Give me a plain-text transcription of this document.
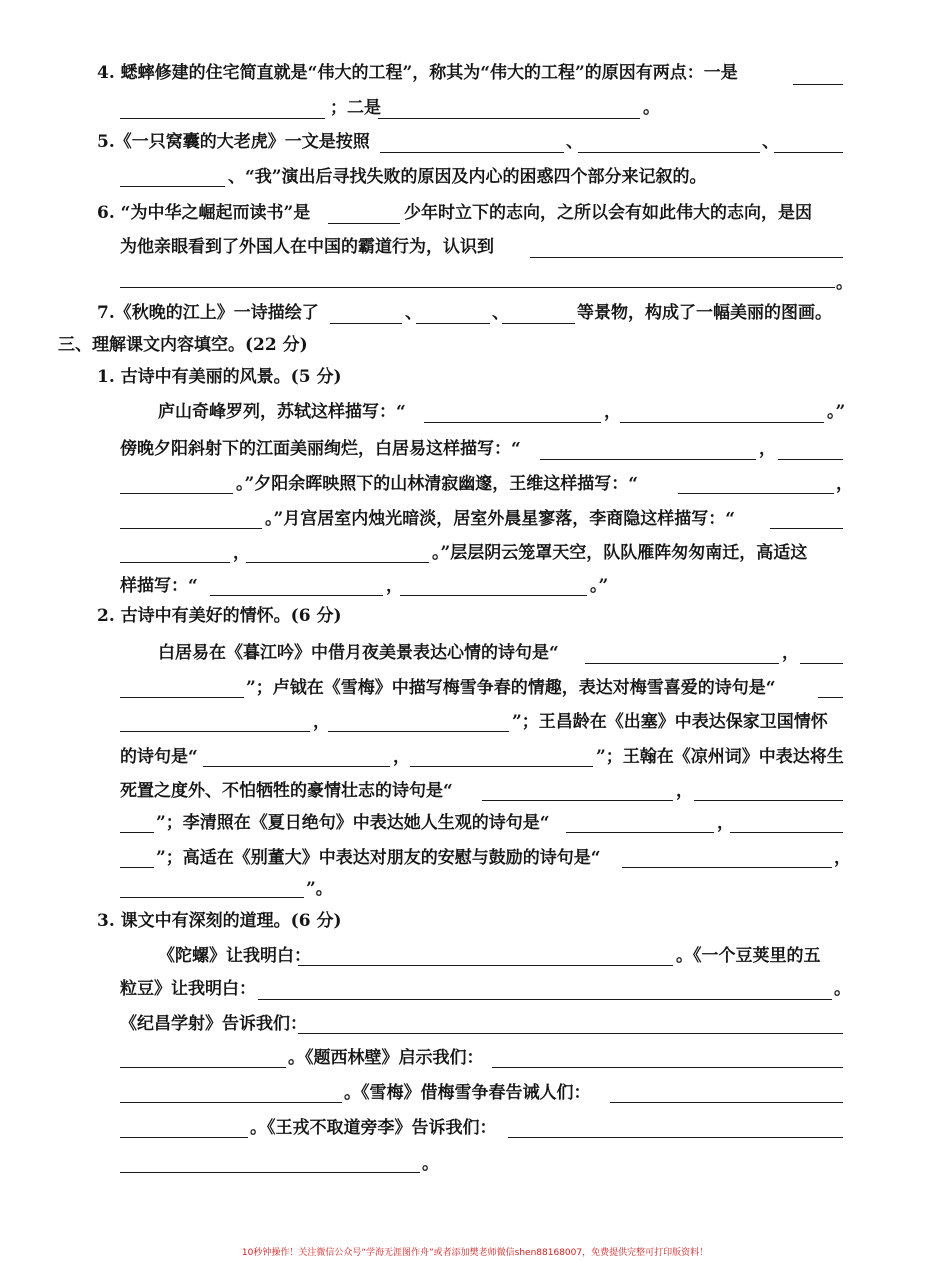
4. 蟋蟀修建的住宅简直就是“伟大的工程”，称其为“伟大的工程”的原因有两点：一是
；二是	。
5.《一只窝囊的大老虎》一文是按照	、	、
、“我”演出后寻找失败的原因及内心的困惑四个部分来记叙的。
6. “为中华之崛起而读书”是	少年时立下的志向，之所以会有如此伟大的志向，是因
为他亲眼看到了外国人在中国的霸道行为，认识到
。
7.《秋晚的江上》一诗描绘了	、	、	等景物，构成了一幅美丽的图画。
三、理解课文内容填空。(22 分)
1. 古诗中有美丽的风景。(5 分)
庐山奇峰罗列，苏轼这样描写：“	，	。”
傍晚夕阳斜射下的江面美丽绚烂，白居易这样描写：“	，
。”夕阳余晖映照下的山林清寂幽邃，王维这样描写：“	，
。”月宫居室内烛光暗淡，居室外晨星寥落，李商隐这样描写：“
，	。”层层阴云笼罩天空，队队雁阵匆匆南迁，高适这
样描写：“	，	。”
2. 古诗中有美好的情怀。(6 分)
白居易在《暮江吟》中借月夜美景表达心情的诗句是“	，
”；卢钺在《雪梅》中描写梅雪争春的情趣，表达对梅雪喜爱的诗句是“
，	”；王昌龄在《出塞》中表达保家卫国情怀
的诗句是“	，	”；王翰在《凉州词》中表达将生
死置之度外、不怕牺牲的豪情壮志的诗句是“	，
”；李清照在《夏日绝句》中表达她人生观的诗句是“	，
”；高适在《别董大》中表达对朋友的安慰与鼓励的诗句是“	，
”。
3. 课文中有深刻的道理。(6 分)
《陀螺》让我明白：	。《一个豆荚里的五
粒豆》让我明白：	。
《纪昌学射》告诉我们：
。《题西林壁》启示我们：
。《雪梅》借梅雪争春告诫人们：
。《王戎不取道旁李》告诉我们：
。
10秒钟操作！关注微信公众号“学海无涯图作舟”或者添加樊老师微信shen88168007，免费提供完整可打印版资料！
